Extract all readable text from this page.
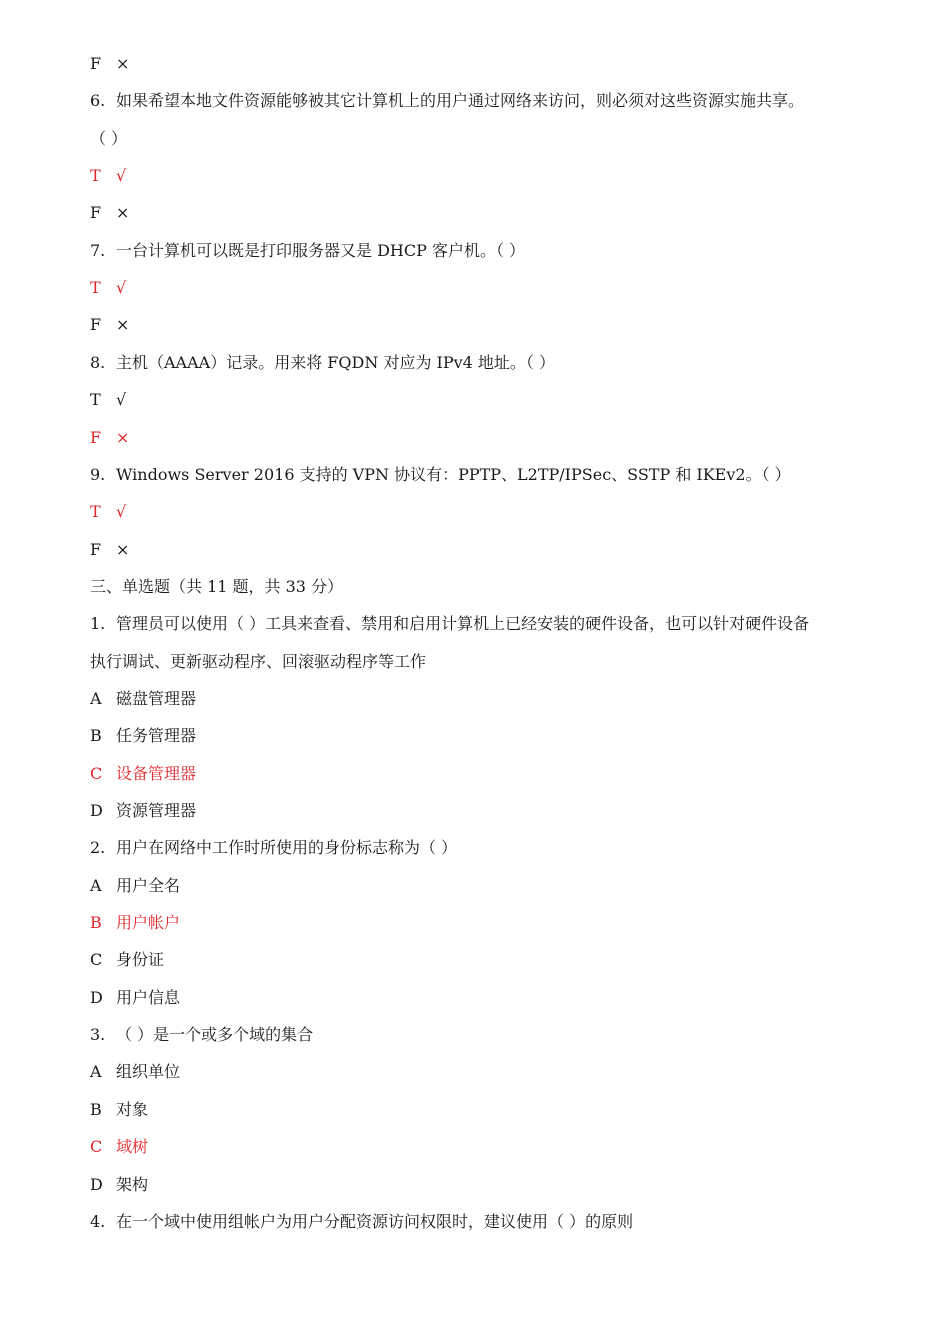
F ×
6. 如果希望本地文件资源能够被其它计算机上的用户通过网络来访问，则必须对这些资源实施共享。
（ ）
T √
F ×
7. 一台计算机可以既是打印服务器又是 DHCP 客户机。（ ）
T √
F ×
8. 主机（AAAA）记录。用来将 FQDN 对应为 IPv4 地址。（ ）
T √
F ×
9. Windows Server 2016 支持的 VPN 协议有：PPTP、L2TP/IPSec、SSTP 和 IKEv2。（ ）
T √
F ×
三、单选题（共 11 题，共 33 分）
1. 管理员可以使用（ ）工具来查看、禁用和启用计算机上已经安装的硬件设备，也可以针对硬件设备
执行调试、更新驱动程序、回滚驱动程序等工作
A 磁盘管理器
B 任务管理器
C 设备管理器
D 资源管理器
2. 用户在网络中工作时所使用的身份标志称为（ ）
A 用户全名
B 用户帐户
C 身份证
D 用户信息
3. （ ）是一个或多个域的集合
A 组织单位
B 对象
C 域树
D 架构
4. 在一个域中使用组帐户为用户分配资源访问权限时，建议使用（ ）的原则
